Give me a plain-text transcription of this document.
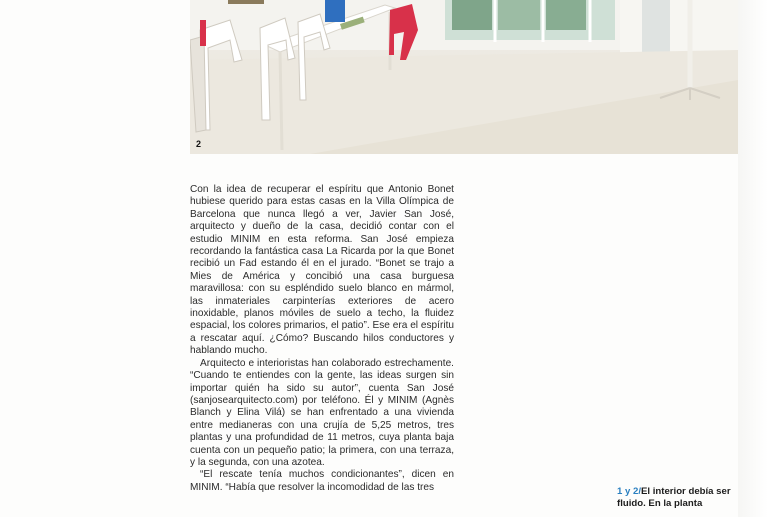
2

Con la idea de recuperar el espíritu que Antonio Bonet hubiese querido para estas casas en la Villa Olímpica de Barcelona que nunca llegó a ver, Javier San José, arquitecto y dueño de la casa, decidió contar con el estudio MINIM en esta reforma. San José empieza recordando la fantástica casa La Ricarda por la que Bonet recibió un Fad estando él en el jurado. “Bonet se trajo a Mies de América y concibió una casa burguesa maravillosa: con su espléndido suelo blanco en mármol, las inmateriales carpinterías exteriores de acero inoxidable, planos móviles de suelo a techo, la fluidez espacial, los colores primarios, el patio”. Ese era el espíritu a rescatar aquí. ¿Cómo? Buscando hilos conductores y hablando mucho.

Arquitecto e interioristas han colaborado estrechamente. “Cuando te entiendes con la gente, las ideas surgen sin importar quién ha sido su autor”, cuenta San José (sanjosearquitecto.com) por teléfono. Él y MINIM (Agnès Blanch y Elina Vilá) se han enfrentado a una vivienda entre medianeras con una crujía de 5,25 metros, tres plantas y una profundidad de 11 metros, cuya planta baja cuenta con un pequeño patio; la primera, con una terraza, y la segunda, con una azotea.

“El rescate tenía muchos condicionantes”, dicen en MINIM. “Había que resolver la incomodidad de las tres	1 y 2/El interior debía ser fluido. En la planta
